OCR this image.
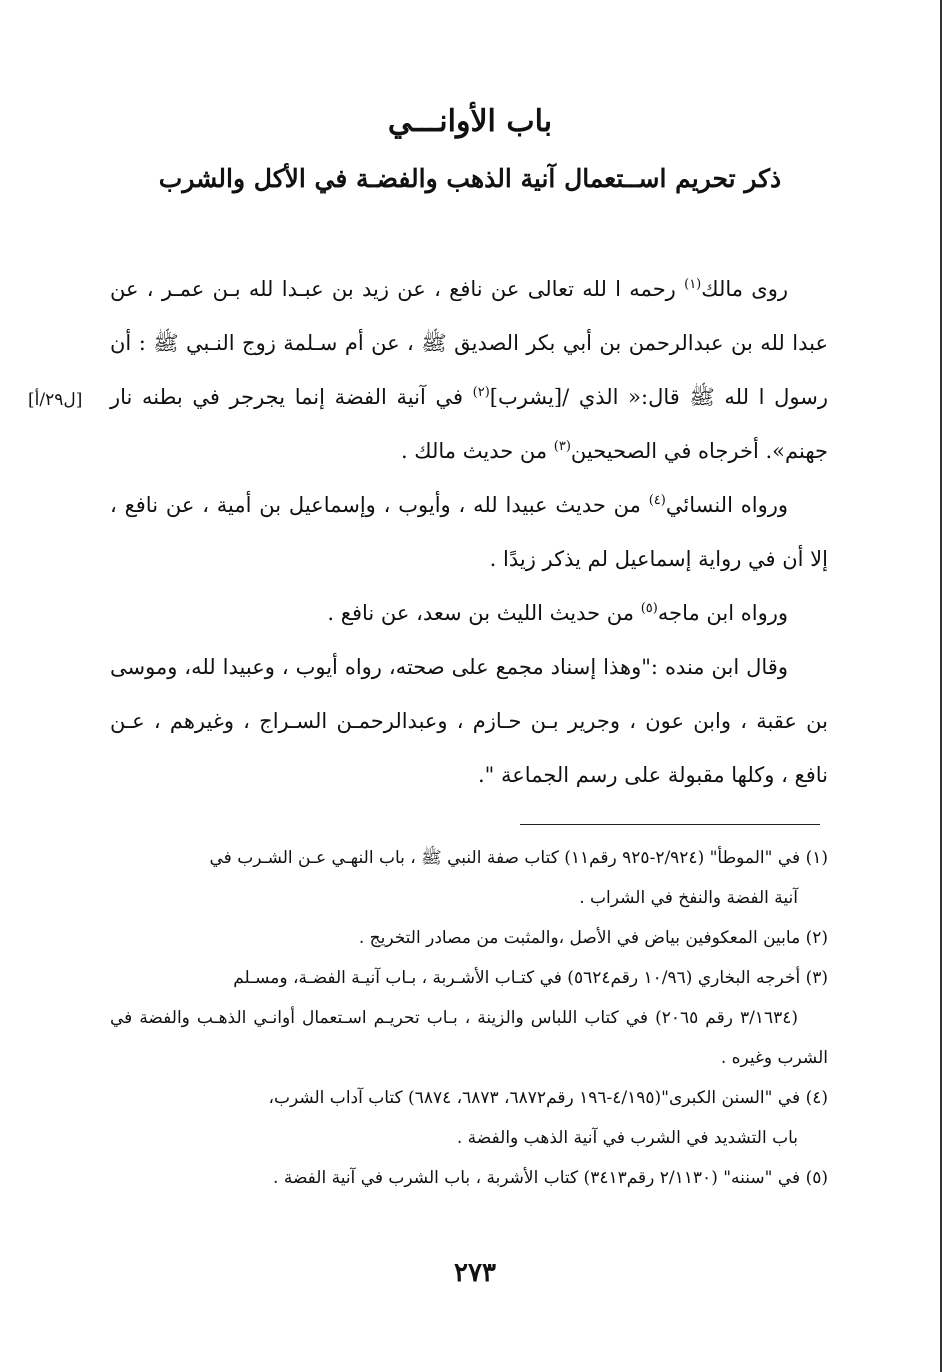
باب الأوانـــي
ذكر تحريم اســتعمال آنية الذهب والفضـة في الأكل والشرب
[ل٢٩/أ]

روى مالك$^{(١)}$ رحمه ا لله تعالى عن نافع ، عن زيد بن عبـدا لله بـن عمـر ، عن عبدا لله بن عبدالرحمن بن أبي بكر الصديق ﷺ ، عن أم سـلمة زوج النـبي ﷺ : أن رسول ا لله ﷺ قال:« الذي /[يشرب]$^{(٢)}$ في آنية الفضة إنما يجرجر في بطنه نار جهنم». أخرجاه في الصحيحين$^{(٣)}$ من حديث مالك .

ورواه النسائي$^{(٤)}$ من حديث عبيدا لله ، وأيوب ، وإسماعيل بن أمية ، عن نافع ، إلا أن في رواية إسماعيل لم يذكر زيدًا .

ورواه ابن ماجه$^{(٥)}$ من حديث الليث بن سعد، عن نافع .

وقال ابن منده :"وهذا إسناد مجمع على صحته، رواه أيوب ، وعبيدا لله، وموسى بن عقبة ، وابن عون ، وجرير بـن حـازم ، وعبدالرحمـن السـراج ، وغيرهم ، عـن نافع ، وكلها مقبولة على رسم الجماعة ".

(١) في "الموطأ" (٢/٩٢٤-٩٢٥ رقم١١) كتاب صفة النبي ﷺ ، باب النهـي عـن الشـرب في
آنية الفضة والنفخ في الشراب .

(٢) مابين المعكوفين بياض في الأصل ،والمثبت من مصادر التخريج .

(٣) أخرجه البخاري (١٠/٩٦ رقم٥٦٢٤) في كتـاب الأشـربة ، بـاب آنيـة الفضـة، ومسـلم
(٣/١٦٣٤ رقم ٢٠٦٥) في كتاب اللباس والزينة ، بـاب تحريـم اسـتعمال أوانـي الذهـب والفضة في الشرب وغيره .

(٤) في "السنن الكبرى"(٤/١٩٥-١٩٦ رقم٦٨٧٢، ٦٨٧٣، ٦٨٧٤) كتاب آداب الشرب،
باب التشديد في الشرب في آنية الذهب والفضة .

(٥) في "سننه" (٢/١١٣٠ رقم٣٤١٣) كتاب الأشربة ، باب الشرب في آنية الفضة .

٢٧٣
